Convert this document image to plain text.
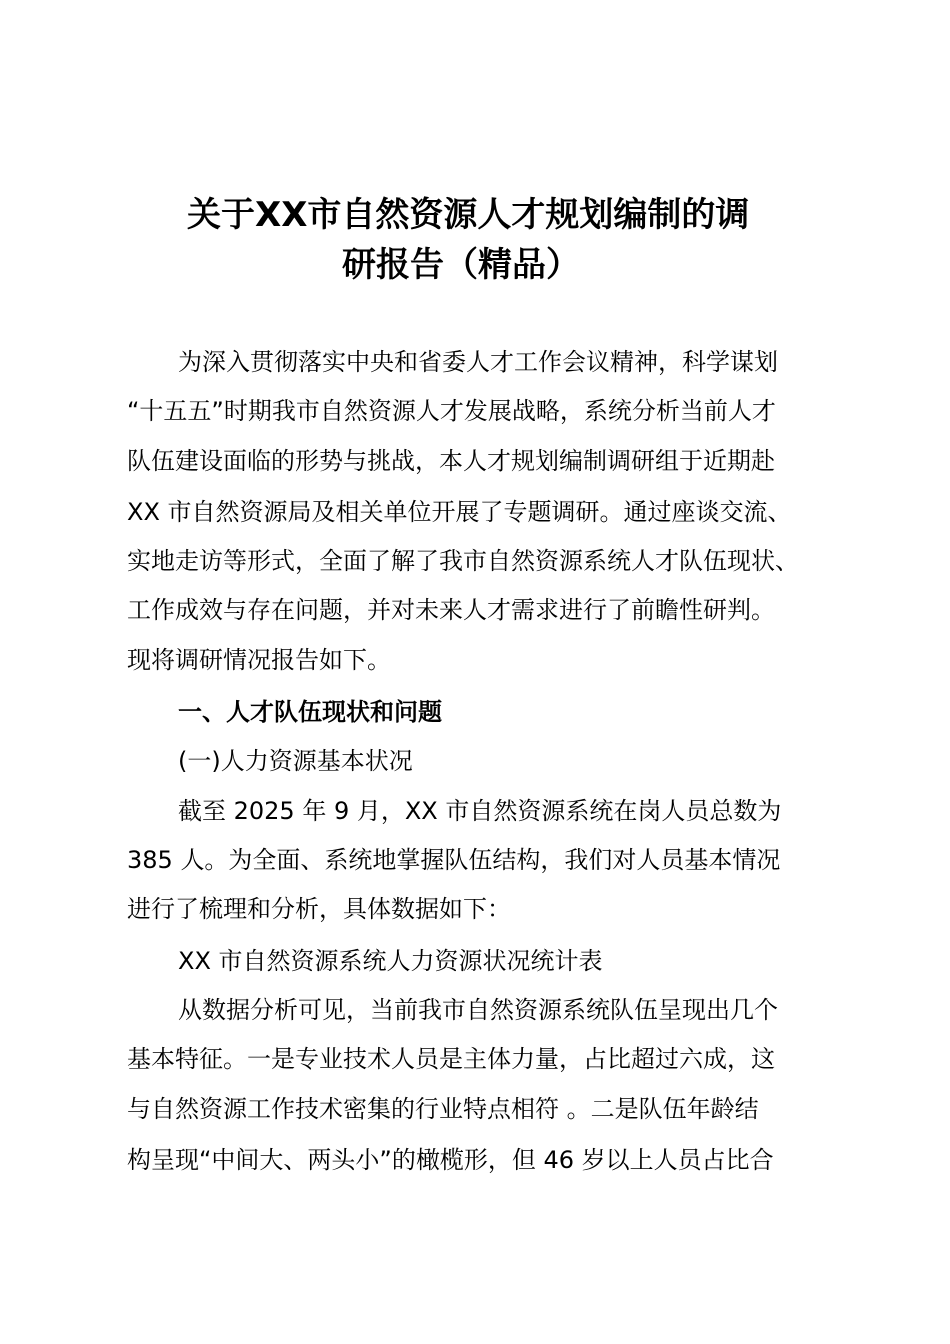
关于XX市自然资源人才规划编制的调
研报告（精品）
为深入贯彻落实中央和省委人才工作会议精神，科学谋划
“十五五”时期我市自然资源人才发展战略，系统分析当前人才
队伍建设面临的形势与挑战，本人才规划编制调研组于近期赴
XX 市自然资源局及相关单位开展了专题调研。通过座谈交流、
实地走访等形式，全面了解了我市自然资源系统人才队伍现状、
工作成效与存在问题，并对未来人才需求进行了前瞻性研判。
现将调研情况报告如下。
一、人才队伍现状和问题
(一)人力资源基本状况
截至 2025 年 9 月，XX 市自然资源系统在岗人员总数为
385 人。为全面、系统地掌握队伍结构，我们对人员基本情况
进行了梳理和分析，具体数据如下：
XX 市自然资源系统人力资源状况统计表
从数据分析可见，当前我市自然资源系统队伍呈现出几个
基本特征。一是专业技术人员是主体力量，占比超过六成，这
与自然资源工作技术密集的行业特点相符 。二是队伍年龄结
构呈现“中间大、两头小”的橄榄形，但 46 岁以上人员占比合
